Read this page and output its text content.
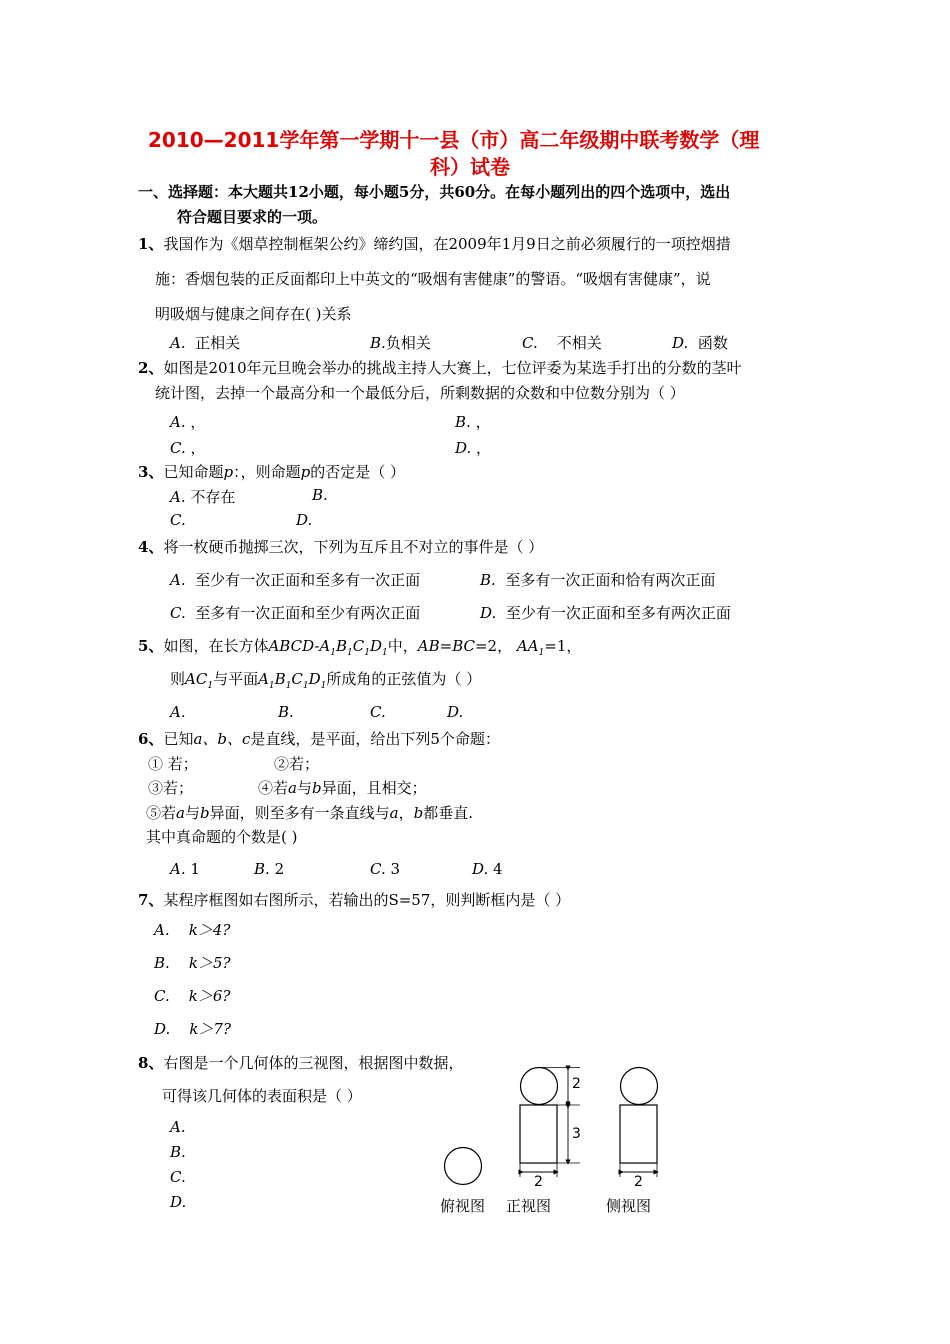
2010—2011学年第一学期十一县（市）高二年级期中联考数学（理
科）试卷
一、选择题：本大题共12小题，每小题5分，共60分。在每小题列出的四个选项中，选出
符合题目要求的一项。
1、我国作为《烟草控制框架公约》缔约国，在2009年1月9日之前必须履行的一项控烟措
施：香烟包装的正反面都印上中英文的“吸烟有害健康”的警语。“吸烟有害健康”，说
明吸烟与健康之间存在( )关系
A. 正相关	B.负相关	C. 不相关	D. 函数
2、如图是2010年元旦晚会举办的挑战主持人大赛上，七位评委为某选手打出的分数的茎叶
统计图，去掉一个最高分和一个最低分后，所剩数据的众数和中位数分别为（ ）
A. ，	B. ，
C. ，	D. ，
3、已知命题p：，则命题p的否定是（ ）
A. 不存在	B.
C.	D.
4、将一枚硬币抛掷三次，下列为互斥且不对立的事件是（ ）
A. 至少有一次正面和至多有一次正面	B. 至多有一次正面和恰有两次正面
C. 至多有一次正面和至少有两次正面	D. 至少有一次正面和至多有两次正面
5、如图，在长方体ABCD-$A_1B_1C_1D_1$中，AB=BC=2， $AA_1=1$，
则$AC_1$与平面$A_1B_1C_1D_1$所成角的正弦值为（ ）
A.	B.	C.	D.
6、已知a、b、c是直线，是平面，给出下列5个命题：
① 若；	②若；
③若；	④若a与b异面，且相交；
⑤若a与b异面，则至多有一条直线与a，b都垂直.
其中真命题的个数是( )
A. 1	B. 2	C. 3	D. 4
7、某程序框图如右图所示，若输出的S=57，则判断框内是（ ）
A. k＞4?
B. k＞5?
C. k＞6?
D. k＞7?
8、右图是一个几何体的三视图，根据图中数据，
可得该几何体的表面积是（ ）
A.
B.
C.
D.
2
3
2	2
俯视图 正视图	侧视图
